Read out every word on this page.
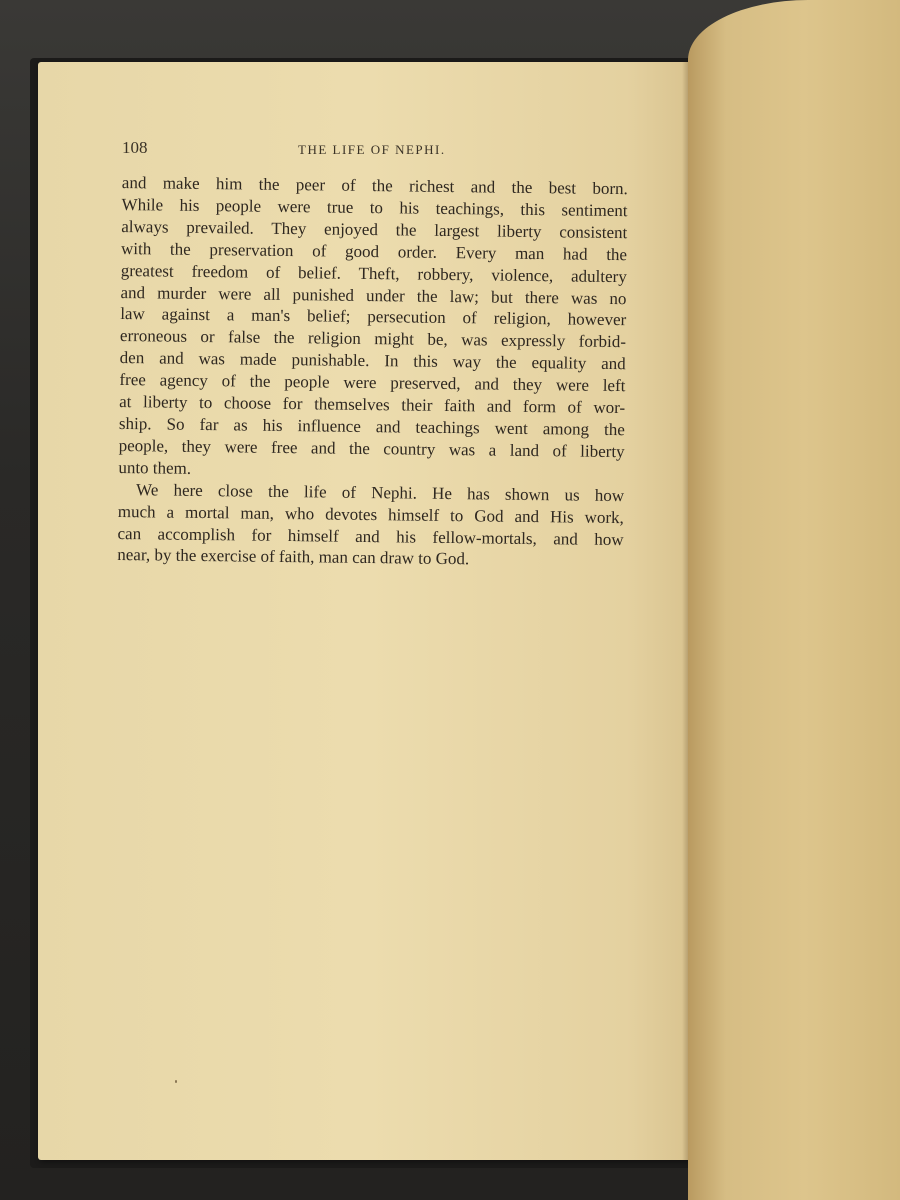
108	THE LIFE OF NEPHI.
and make him the peer of the richest and the best born.
While his people were true to his teachings, this sentiment
always prevailed. They enjoyed the largest liberty consistent
with the preservation of good order. Every man had the
greatest freedom of belief. Theft, robbery, violence, adultery
and murder were all punished under the law; but there was no
law against a man's belief; persecution of religion, however
erroneous or false the religion might be, was expressly forbid-
den and was made punishable. In this way the equality and
free agency of the people were preserved, and they were left
at liberty to choose for themselves their faith and form of wor-
ship. So far as his influence and teachings went among the
people, they were free and the country was a land of liberty
unto them.
We here close the life of Nephi. He has shown us how
much a mortal man, who devotes himself to God and His work,
can accomplish for himself and his fellow-mortals, and how
near, by the exercise of faith, man can draw to God.
